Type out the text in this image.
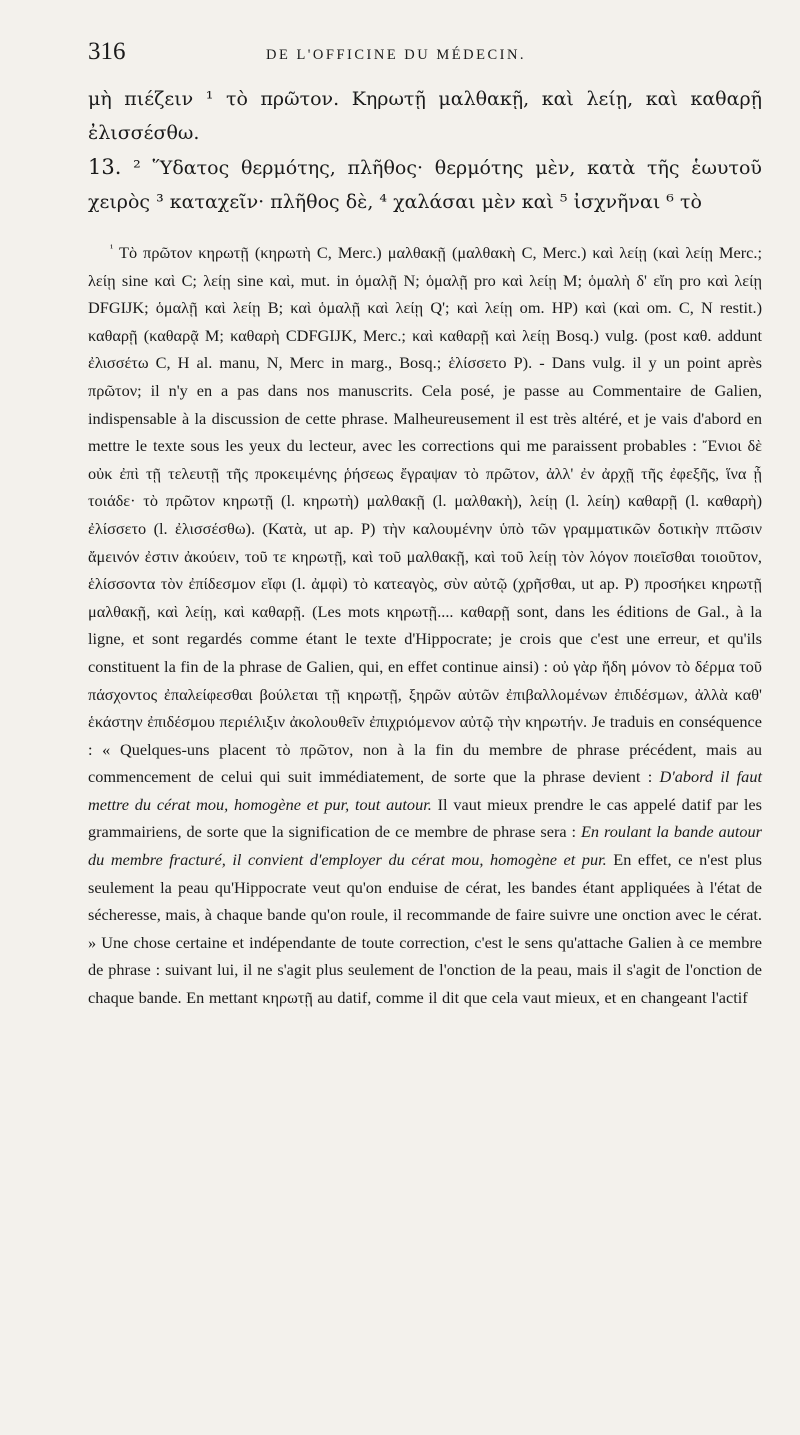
316	DE L'OFFICINE DU MÉDECIN.

μὴ πιέζειν ¹ τὸ πρῶτον. Κηρωτῇ μαλθακῇ, καὶ λείῃ, καὶ καθαρῇ ἐλισσέσθω.

13. ² Ὕδατος θερμότης, πλῆθος· θερμότης μὲν, κατὰ τῆς ἑωυτοῦ χειρὸς ³ καταχεῖν· πλῆθος δὲ, ⁴ χαλάσαι μὲν καὶ ⁵ ἰσχνῆναι ⁶ τὸ

$^{^1}$ Τὸ πρῶτον κηρωτῇ (κηρωτὴ C, Merc.) μαλθακῇ (μαλθακὴ C, Merc.) καὶ λείῃ (καὶ λείῃ Merc.; λείῃ sine καὶ C; λείῃ sine καὶ, mut. in ὁμαλῇ N; ὁμαλῇ pro καὶ λείῃ M; ὁμαλὴ δ' εἴη pro καὶ λείῃ DFGIJK; ὁμαλῇ καὶ λείῃ B; καὶ ὁμαλῇ καὶ λείῃ Q'; καὶ λείῃ om. HP) καὶ (καὶ om. C, N restit.) καθαρῇ (καθαρᾷ M; καθαρὴ CDFGIJK, Merc.; καὶ καθαρῇ καὶ λείῃ Bosq.) vulg. (post καθ. addunt ἐλισσέτω C, H al. manu, N, Merc in marg., Bosq.; ἑλίσσετο P). - Dans vulg. il y un point après πρῶτον; il n'y en a pas dans nos manuscrits. Cela posé, je passe au Commentaire de Galien, indispensable à la discussion de cette phrase. Malheureusement il est très altéré, et je vais d'abord en mettre le texte sous les yeux du lecteur, avec les corrections qui me paraissent probables : Ἔνιοι δὲ οὐκ ἐπὶ τῇ τελευτῇ τῆς προκειμένης ῥήσεως ἔγραψαν τὸ πρῶτον, ἀλλ' ἐν ἀρχῇ τῆς ἐφεξῆς, ἵνα ᾖ τοιάδε· τὸ πρῶτον κηρωτῇ (l. κηρωτὴ) μαλθακῇ (l. μαλθακὴ), λείῃ (l. λείη) καθαρῇ (l. καθαρὴ) ἐλίσσετο (l. ἐλισσέσθω). (Κατὰ, ut ap. P) τὴν καλουμένην ὑπὸ τῶν γραμματικῶν δοτικὴν πτῶσιν ἄμεινόν ἐστιν ἀκούειν, τοῦ τε κηρωτῇ, καὶ τοῦ μαλθακῇ, καὶ τοῦ λείῃ τὸν λόγον ποιεῖσθαι τοιοῦτον, ἑλίσσοντα τὸν ἐπίδεσμον εἴφι (l. ἀμφὶ) τὸ κατεαγὸς, σὺν αὐτῷ (χρῆσθαι, ut ap. P) προσήκει κηρωτῇ μαλθακῇ, καὶ λείῃ, καὶ καθαρῇ. (Les mots κηρωτῇ.... καθαρῇ sont, dans les éditions de Gal., à la ligne, et sont regardés comme étant le texte d'Hippocrate; je crois que c'est une erreur, et qu'ils constituent la fin de la phrase de Galien, qui, en effet continue ainsi) : οὐ γὰρ ἤδη μόνον τὸ δέρμα τοῦ πάσχοντος ἐπαλείφεσθαι βούλεται τῇ κηρωτῇ, ξηρῶν αὐτῶν ἐπιβαλλομένων ἐπιδέσμων, ἀλλὰ καθ' ἑκάστην ἐπιδέσμου περιέλιξιν ἀκολουθεῖν ἐπιχριόμενον αὐτῷ τὴν κηρωτήν. Je traduis en conséquence : « Quelques-uns placent τὸ πρῶτον, non à la fin du membre de phrase précédent, mais au commencement de celui qui suit immédiatement, de sorte que la phrase devient : D'abord il faut mettre du cérat mou, homogène et pur, tout autour. Il vaut mieux prendre le cas appelé datif par les grammairiens, de sorte que la signification de ce membre de phrase sera : En roulant la bande autour du membre fracturé, il convient d'employer du cérat mou, homogène et pur. En effet, ce n'est plus seulement la peau qu'Hippocrate veut qu'on enduise de cérat, les bandes étant appliquées à l'état de sécheresse, mais, à chaque bande qu'on roule, il recommande de faire suivre une onction avec le cérat. » Une chose certaine et indépendante de toute correction, c'est le sens qu'attache Galien à ce membre de phrase : suivant lui, il ne s'agit plus seulement de l'onction de la peau, mais il s'agit de l'onction de chaque bande. En mettant κηρωτῇ au datif, comme il dit que cela vaut mieux, et en changeant l'actif
